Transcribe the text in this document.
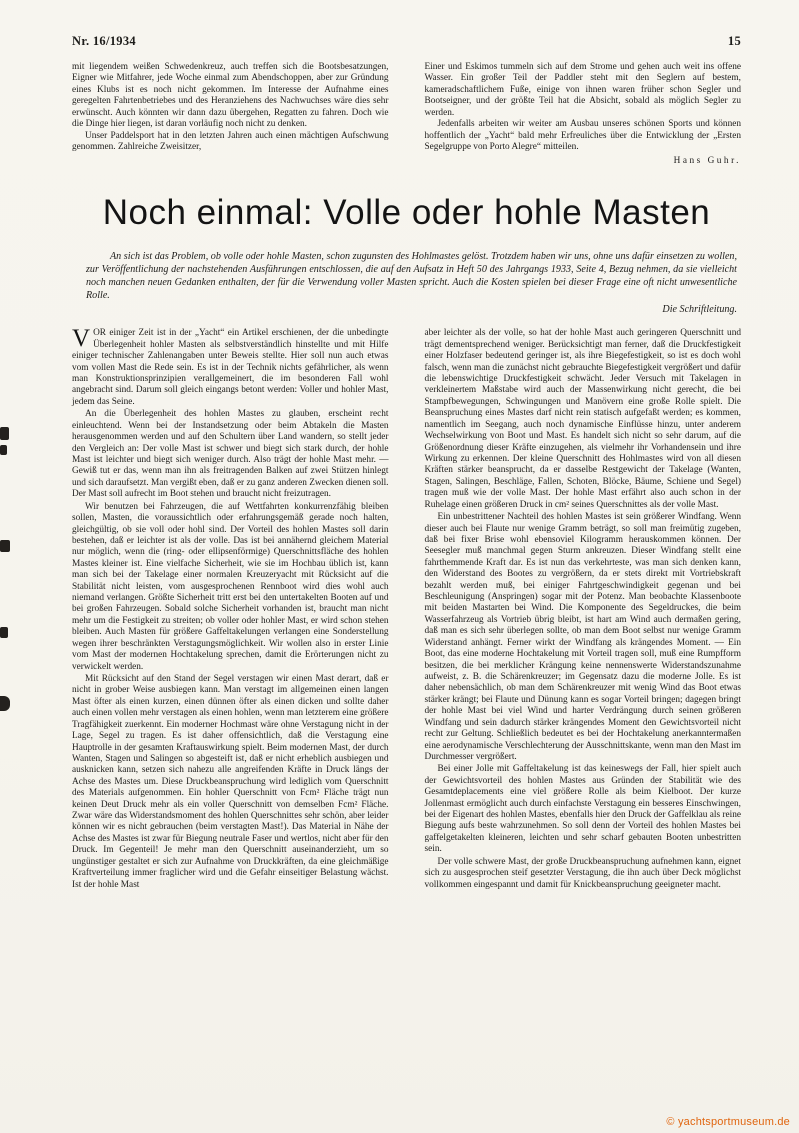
Nr. 16/1934	15

mit liegendem weißen Schwedenkreuz, auch treffen sich die Bootsbesatzungen, Eigner wie Mitfahrer, jede Woche einmal zum Abendschoppen, aber zur Gründung eines Klubs ist es noch nicht gekommen. Im Interesse der Aufnahme eines geregelten Fahrtenbetriebes und des Heranziehens des Nachwuchses wäre dies sehr erwünscht. Auch könnten wir dann dazu übergehen, Regatten zu fahren. Doch wie die Dinge hier liegen, ist daran vorläufig noch nicht zu denken.

Unser Paddelsport hat in den letzten Jahren auch einen mächtigen Aufschwung genommen. Zahlreiche Zweisitzer,

Einer und Eskimos tummeln sich auf dem Strome und gehen auch weit ins offene Wasser. Ein großer Teil der Paddler steht mit den Seglern auf bestem, kameradschaftlichem Fuße, einige von ihnen waren früher schon Segler und Bootseigner, und der größte Teil hat die Absicht, sobald als möglich Segler zu werden.

Jedenfalls arbeiten wir weiter am Ausbau unseres schönen Sports und können hoffentlich der „Yacht“ bald mehr Erfreuliches über die Entwicklung der „Ersten Segelgruppe von Porto Alegre“ mitteilen.

Hans Guhr.
Noch einmal: Volle oder hohle Masten

An sich ist das Problem, ob volle oder hohle Masten, schon zugunsten des Hohlmastes gelöst. Trotzdem haben wir uns, ohne uns dafür einsetzen zu wollen, zur Veröffentlichung der nachstehenden Ausführungen entschlossen, die auf den Aufsatz in Heft 50 des Jahrgangs 1933, Seite 4, Bezug nehmen, da sie vielleicht noch manchen neuen Gedanken enthalten, der für die Verwendung voller Masten spricht. Auch die Kosten spielen bei dieser Frage eine oft nicht unwesentliche Rolle.

Die Schriftleitung.

VOR einiger Zeit ist in der „Yacht“ ein Artikel erschienen, der die unbedingte Überlegenheit hohler Masten als selbstverständlich hinstellte und mit Hilfe einiger technischer Zahlenangaben unter Beweis stellte. Hier soll nun auch etwas vom vollen Mast die Rede sein. Es ist in der Technik nichts gefährlicher, als wenn man Konstruktionsprinzipien verallgemeinert, die im besonderen Fall wohl angebracht sind. Darum soll gleich eingangs betont werden: Voller und hohler Mast, jedem das Seine.

An die Überlegenheit des hohlen Mastes zu glauben, erscheint recht einleuchtend. Wenn bei der Instandsetzung oder beim Abtakeln die Masten herausgenommen werden und auf den Schultern über Land wandern, so stellt jeder den Vergleich an: Der volle Mast ist schwer und biegt sich stark durch, der hohle Mast ist leichter und biegt sich weniger durch. Also trägt der hohle Mast mehr. — Gewiß tut er das, wenn man ihn als freitragenden Balken auf zwei Stützen hinlegt und sich daraufsetzt. Man vergißt eben, daß er zu ganz anderen Zwecken dienen soll. Der Mast soll aufrecht im Boot stehen und braucht nicht freizutragen.

Wir benutzen bei Fahrzeugen, die auf Wettfahrten konkurrenzfähig bleiben sollen, Masten, die voraussichtlich oder erfahrungsgemäß gerade noch halten, gleichgültig, ob sie voll oder hohl sind. Der Vorteil des hohlen Mastes soll darin bestehen, daß er leichter ist als der volle. Das ist bei annähernd gleichem Material nur möglich, wenn die (ring- oder ellipsenförmige) Querschnittsfläche des hohlen Mastes kleiner ist. Eine vielfache Sicherheit, wie sie im Hochbau üblich ist, kann man sich bei der Takelage einer normalen Kreuzeryacht mit Rücksicht auf die Stabilität nicht leisten, vom ausgesprochenen Rennboot wird dies wohl auch niemand verlangen. Größte Sicherheit tritt erst bei den untertakelten Booten auf und bei großen Fahrzeugen. Sobald solche Sicherheit vorhanden ist, braucht man nicht mehr um die Festigkeit zu streiten; ob voller oder hohler Mast, er wird schon stehen bleiben. Auch Masten für größere Gaffeltakelungen verlangen eine Sonderstellung wegen ihrer beschränkten Verstagungsmöglichkeit. Wir wollen also in erster Linie vom Mast der modernen Hochtakelung sprechen, damit die Erörterungen nicht zu verwickelt werden.

Mit Rücksicht auf den Stand der Segel verstagen wir einen Mast derart, daß er nicht in grober Weise ausbiegen kann. Man verstagt im allgemeinen einen langen Mast öfter als einen kurzen, einen dünnen öfter als einen dicken und sollte daher auch einen vollen mehr verstagen als einen hohlen, wenn man letzterem eine größere Tragfähigkeit zuerkennt. Ein moderner Hochmast wäre ohne Verstagung nicht in der Lage, Segel zu tragen. Es ist daher offensichtlich, daß die Verstagung eine Hauptrolle in der gesamten Kraftauswirkung spielt. Beim modernen Mast, der durch Wanten, Stagen und Salingen so abgesteift ist, daß er nicht erheblich ausbiegen und ausknicken kann, setzen sich nahezu alle angreifenden Kräfte in Druck längs der Achse des Mastes um. Diese Druckbeanspruchung wird lediglich vom Querschnitt des Materials aufgenommen. Ein hohler Querschnitt von Fcm² Fläche trägt nun keinen Deut Druck mehr als ein voller Querschnitt von demselben Fcm² Fläche. Zwar wäre das Widerstandsmoment des hohlen Querschnittes sehr schön, aber leider können wir es nicht gebrauchen (beim verstagten Mast!). Das Material in Nähe der Achse des Mastes ist zwar für Biegung neutrale Faser und wertlos, nicht aber für den Druck. Im Gegenteil! Je mehr man den Querschnitt auseinanderzieht, um so ungünstiger gestaltet er sich zur Aufnahme von Druckkräften, da eine gleichmäßige Kraftverteilung immer fraglicher wird und die Gefahr einseitiger Belastung wächst. Ist der hohle Mast

aber leichter als der volle, so hat der hohle Mast auch geringeren Querschnitt und trägt dementsprechend weniger. Berücksichtigt man ferner, daß die Druckfestigkeit einer Holzfaser bedeutend geringer ist, als ihre Biegefestigkeit, so ist es doch wohl falsch, wenn man die zunächst nicht gebrauchte Biegefestigkeit vergrößert und dafür die lebenswichtige Druckfestigkeit schwächt. Jeder Versuch mit Takelagen in verkleinertem Maßstabe wird auch der Massenwirkung nicht gerecht, die bei Stampfbewegungen, Schwingungen und Manövern eine große Rolle spielt. Die Beanspruchung eines Mastes darf nicht rein statisch aufgefaßt werden; es kommen, namentlich im Seegang, auch noch dynamische Einflüsse hinzu, unter anderem Wechselwirkung von Boot und Mast. Es handelt sich nicht so sehr darum, auf die Größenordnung dieser Kräfte einzugehen, als vielmehr ihr Vorhandensein und ihre Wirkung zu erkennen. Der kleine Querschnitt des Hohlmastes wird von all diesen Kräften stärker beansprucht, da er dasselbe Restgewicht der Takelage (Wanten, Stagen, Salingen, Beschläge, Fallen, Schoten, Blöcke, Bäume, Schiene und Segel) tragen muß wie der volle Mast. Der hohle Mast erfährt also auch schon in der Ruhelage einen größeren Druck in cm² seines Querschnittes als der volle Mast.

Ein unbestrittener Nachteil des hohlen Mastes ist sein größerer Windfang. Wenn dieser auch bei Flaute nur wenige Gramm beträgt, so soll man freimütig zugeben, daß bei fixer Brise wohl ebensoviel Kilogramm herauskommen können. Der Seesegler muß manchmal gegen Sturm ankreuzen. Dieser Windfang stellt eine fahrthemmende Kraft dar. Es ist nun das verkehrteste, was man sich denken kann, den Widerstand des Bootes zu vergrößern, da er stets direkt mit Vortriebskraft bezahlt werden muß, bei einiger Fahrtgeschwindigkeit gegenan und bei Beschleunigung (Anspringen) sogar mit der Potenz. Man beobachte Klassenboote mit beiden Mastarten bei Wind. Die Komponente des Segeldruckes, die beim Wasserfahrzeug als Vortrieb übrig bleibt, ist hart am Wind auch dermaßen gering, daß man es sich sehr überlegen sollte, ob man dem Boot selbst nur wenige Gramm Widerstand anhängt. Ferner wirkt der Windfang als krängendes Moment. — Ein Boot, das eine moderne Hochtakelung mit Vorteil tragen soll, muß eine Rumpfform besitzen, die bei merklicher Krängung keine nennenswerte Widerstandszunahme aufweist, z. B. die Schärenkreuzer; im Gegensatz dazu die moderne Jolle. Es ist daher nebensächlich, ob man dem Schärenkreuzer mit wenig Wind das Boot etwas stärker krängt; bei Flaute und Dünung kann es sogar Vorteil bringen; dagegen bringt der hohle Mast bei viel Wind und harter Verdrängung durch seinen größeren Windfang und sein dadurch stärker krängendes Moment den Gewichtsvorteil nicht recht zur Geltung. Schließlich bedeutet es bei der Hochtakelung anerkanntermaßen eine aerodynamische Verschlechterung der Ausschnittskante, wenn man den Mast im Durchmesser vergrößert.

Bei einer Jolle mit Gaffeltakelung ist das keineswegs der Fall, hier spielt auch der Gewichtsvorteil des hohlen Mastes aus Gründen der Stabilität wie des Gesamtdeplacements eine viel größere Rolle als beim Kielboot. Der kurze Jollenmast ermöglicht auch durch einfachste Verstagung ein besseres Einschwingen, bei der Eigenart des hohlen Mastes, ebenfalls hier den Druck der Gaffelklau als reine Biegung aufs beste wahrzunehmen. So soll denn der Vorteil des hohlen Mastes bei gaffelgetakelten kleineren, leichten und sehr scharf gebauten Booten unbestritten sein.

Der volle schwere Mast, der große Druckbeanspruchung aufnehmen kann, eignet sich zu ausgesprochen steif gesetzter Verstagung, die ihn auch über Deck möglichst vollkommen eingespannt und damit für Knickbeanspruchung geeigneter macht.

© yachtsportmuseum.de
